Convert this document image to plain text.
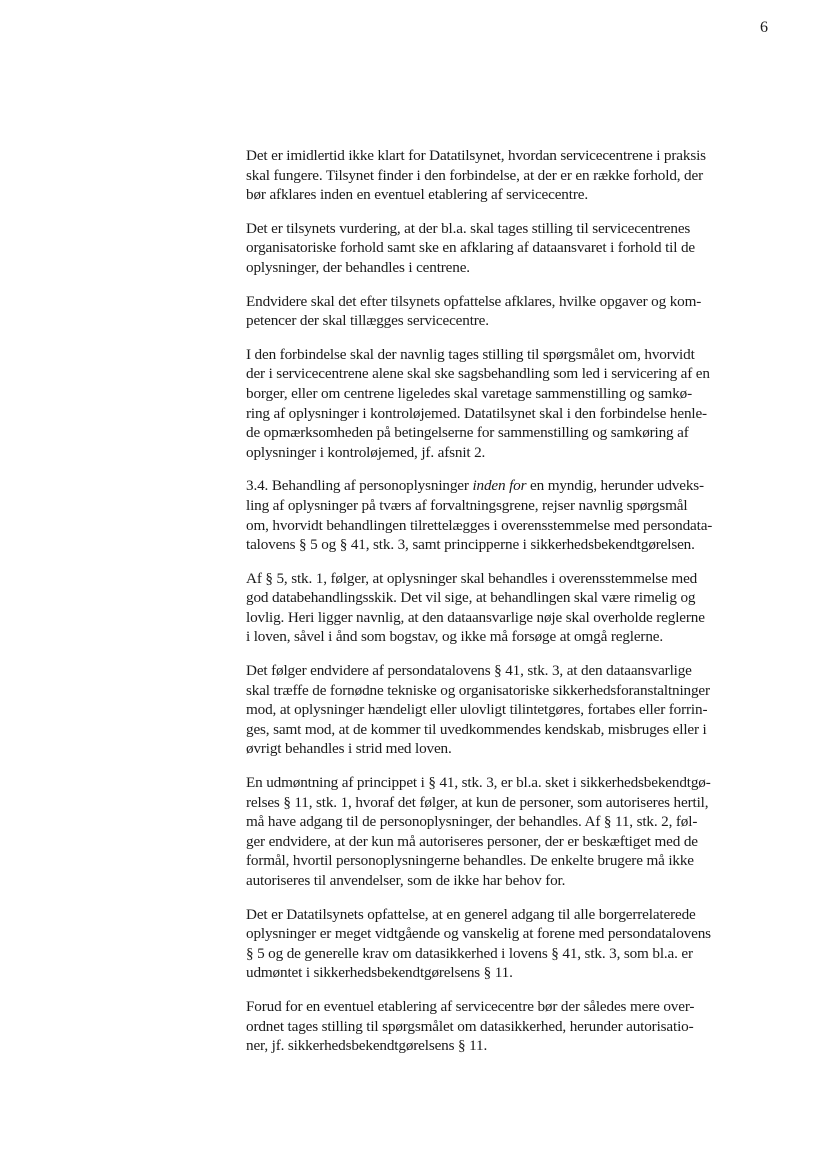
6

Det er imidlertid ikke klart for Datatilsynet, hvordan servicecentrene i praksis
skal fungere. Tilsynet finder i den forbindelse, at der er en række forhold, der
bør afklares inden en eventuel etablering af servicecentre.

Det er tilsynets vurdering, at der bl.a. skal tages stilling til servicecentrenes
organisatoriske forhold samt ske en afklaring af dataansvaret i forhold til de
oplysninger, der behandles i centrene.

Endvidere skal det efter tilsynets opfattelse afklares, hvilke opgaver og kom-
petencer der skal tillægges servicecentre.

I den forbindelse skal der navnlig tages stilling til spørgsmålet om, hvorvidt
der i servicecentrene alene skal ske sagsbehandling som led i servicering af en
borger, eller om centrene ligeledes skal varetage sammenstilling og samkø-
ring af oplysninger i kontroløjemed. Datatilsynet skal i den forbindelse henle-
de opmærksomheden på betingelserne for sammenstilling og samkøring af
oplysninger i kontroløjemed, jf. afsnit 2.

3.4. Behandling af personoplysninger inden for en myndig, herunder udveks-
ling af oplysninger på tværs af forvaltningsgrene, rejser navnlig spørgsmål
om, hvorvidt behandlingen tilrettelægges i overensstemmelse med persondata-
talovens § 5 og § 41, stk. 3, samt principperne i sikkerhedsbekendtgørelsen.

Af § 5, stk. 1, følger, at oplysninger skal behandles i overensstemmelse med
god databehandlingsskik. Det vil sige, at behandlingen skal være rimelig og
lovlig. Heri ligger navnlig, at den dataansvarlige nøje skal overholde reglerne
i loven, såvel i ånd som bogstav, og ikke må forsøge at omgå reglerne.

Det følger endvidere af persondatalovens § 41, stk. 3, at den dataansvarlige
skal træffe de fornødne tekniske og organisatoriske sikkerhedsforanstaltninger
mod, at oplysninger hændeligt eller ulovligt tilintetgøres, fortabes eller forrin-
ges, samt mod, at de kommer til uvedkommendes kendskab, misbruges eller i
øvrigt behandles i strid med loven.

En udmøntning af princippet i § 41, stk. 3, er bl.a. sket i sikkerhedsbekendtgø-
relses § 11, stk. 1, hvoraf det følger, at kun de personer, som autoriseres hertil,
må have adgang til de personoplysninger, der behandles. Af § 11, stk. 2, føl-
ger endvidere, at der kun må autoriseres personer, der er beskæftiget med de
formål, hvortil personoplysningerne behandles. De enkelte brugere må ikke
autoriseres til anvendelser, som de ikke har behov for.

Det er Datatilsynets opfattelse, at en generel adgang til alle borgerrelaterede
oplysninger er meget vidtgående og vanskelig at forene med persondatalovens
§ 5 og de generelle krav om datasikkerhed i lovens § 41, stk. 3, som bl.a. er
udmøntet i sikkerhedsbekendtgørelsens § 11.

Forud for en eventuel etablering af servicecentre bør der således mere over-
ordnet tages stilling til spørgsmålet om datasikkerhed, herunder autorisatio-
ner, jf. sikkerhedsbekendtgørelsens § 11.
